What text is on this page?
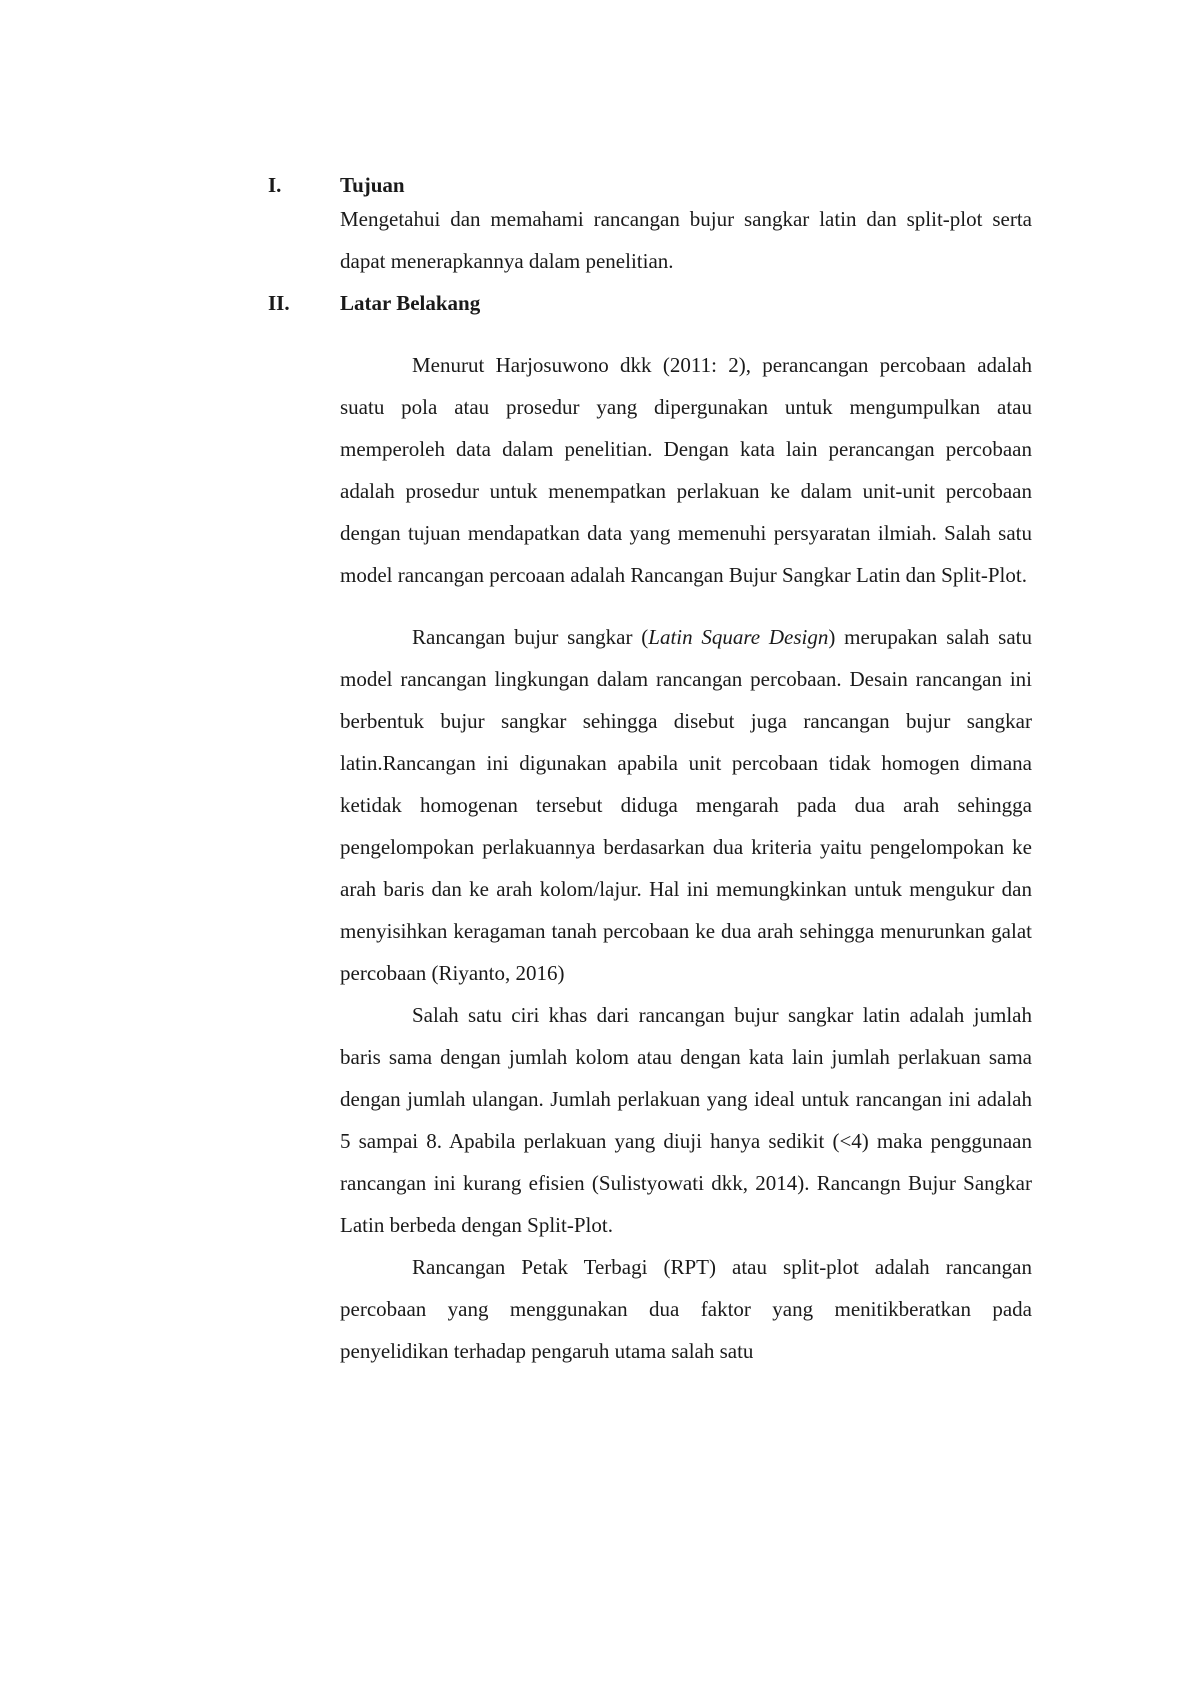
I.	Tujuan

Mengetahui dan memahami rancangan bujur sangkar latin dan split-plot serta dapat menerapkannya dalam penelitian.

II. Latar Belakang

Menurut Harjosuwono dkk (2011: 2), perancangan percobaan adalah suatu pola atau prosedur yang dipergunakan untuk mengumpulkan atau memperoleh data dalam penelitian. Dengan kata lain perancangan percobaan adalah prosedur untuk menempatkan perlakuan ke dalam unit-unit percobaan dengan tujuan mendapatkan data yang memenuhi persyaratan ilmiah. Salah satu model rancangan percoaan adalah Rancangan Bujur Sangkar Latin dan Split-Plot.

Rancangan bujur sangkar (Latin Square Design) merupakan salah satu model rancangan lingkungan dalam rancangan percobaan. Desain rancangan ini berbentuk bujur sangkar sehingga disebut juga rancangan bujur sangkar latin.Rancangan ini digunakan apabila unit percobaan tidak homogen dimana ketidak homogenan tersebut diduga mengarah pada dua arah sehingga pengelompokan perlakuannya berdasarkan dua kriteria yaitu pengelompokan ke arah baris dan ke arah kolom/lajur. Hal ini memungkinkan untuk mengukur dan menyisihkan keragaman tanah percobaan ke dua arah sehingga menurunkan galat percobaan (Riyanto, 2016)

Salah satu ciri khas dari rancangan bujur sangkar latin adalah jumlah baris sama dengan jumlah kolom atau dengan kata lain jumlah perlakuan sama dengan jumlah ulangan. Jumlah perlakuan yang ideal untuk rancangan ini adalah 5 sampai 8. Apabila perlakuan yang diuji hanya sedikit (<4) maka penggunaan rancangan ini kurang efisien (Sulistyowati dkk, 2014). Rancangn Bujur Sangkar Latin berbeda dengan Split-Plot.

Rancangan Petak Terbagi (RPT) atau split-plot adalah rancangan percobaan yang menggunakan dua faktor yang menitikberatkan pada penyelidikan terhadap pengaruh utama salah satu
